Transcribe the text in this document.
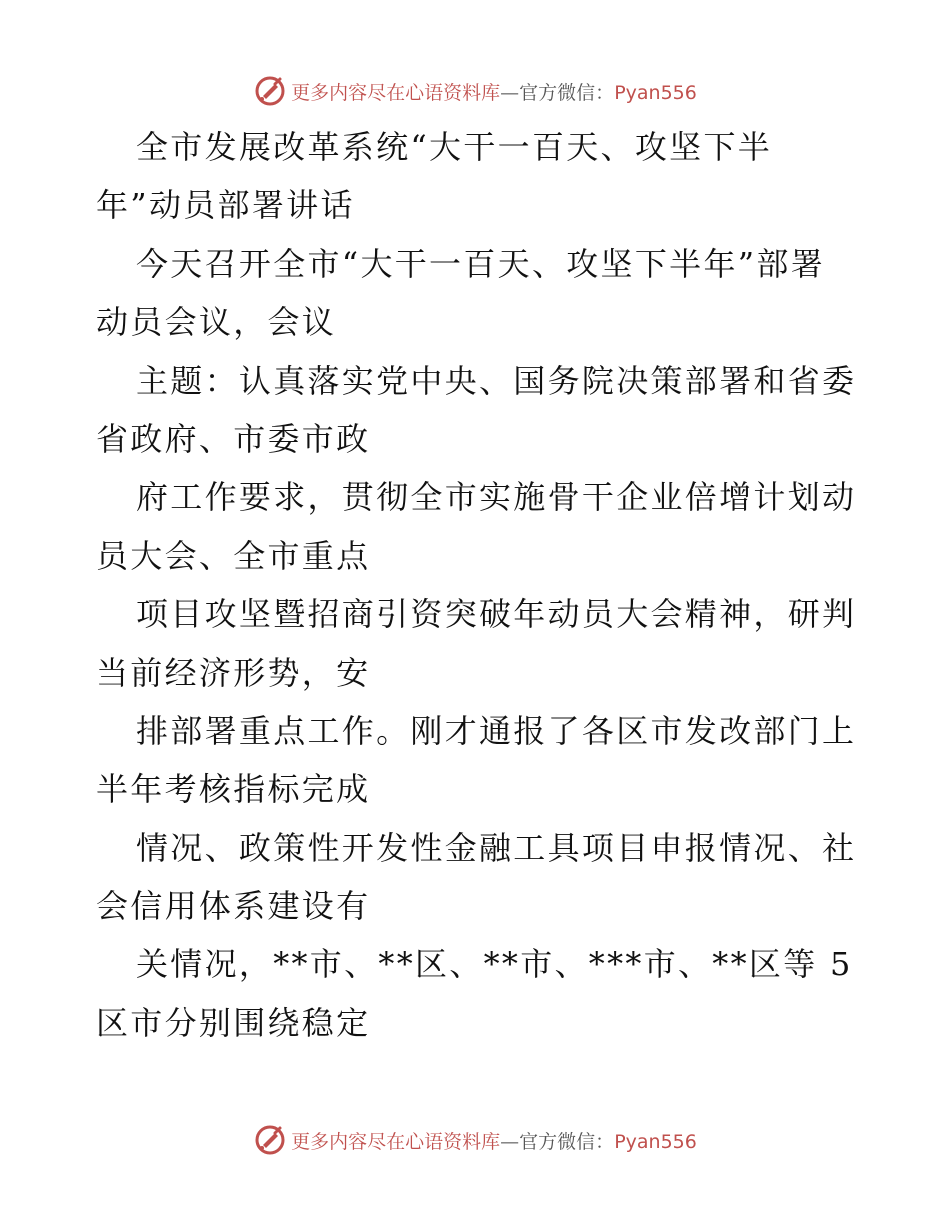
更多内容尽在心语资料库—官方微信：Pyan556
全市发展改革系统“大干一百天、攻坚下半
年”动员部署讲话
今天召开全市“大干一百天、攻坚下半年”部署
动员会议，会议
主题：认真落实党中央、国务院决策部署和省委
省政府、市委市政
府工作要求，贯彻全市实施骨干企业倍增计划动
员大会、全市重点
项目攻坚暨招商引资突破年动员大会精神，研判
当前经济形势，安
排部署重点工作。刚才通报了各区市发改部门上
半年考核指标完成
情况、政策性开发性金融工具项目申报情况、社
会信用体系建设有
关情况，**市、**区、**市、***市、**区等 5
区市分别围绕稳定
更多内容尽在心语资料库—官方微信：Pyan556
